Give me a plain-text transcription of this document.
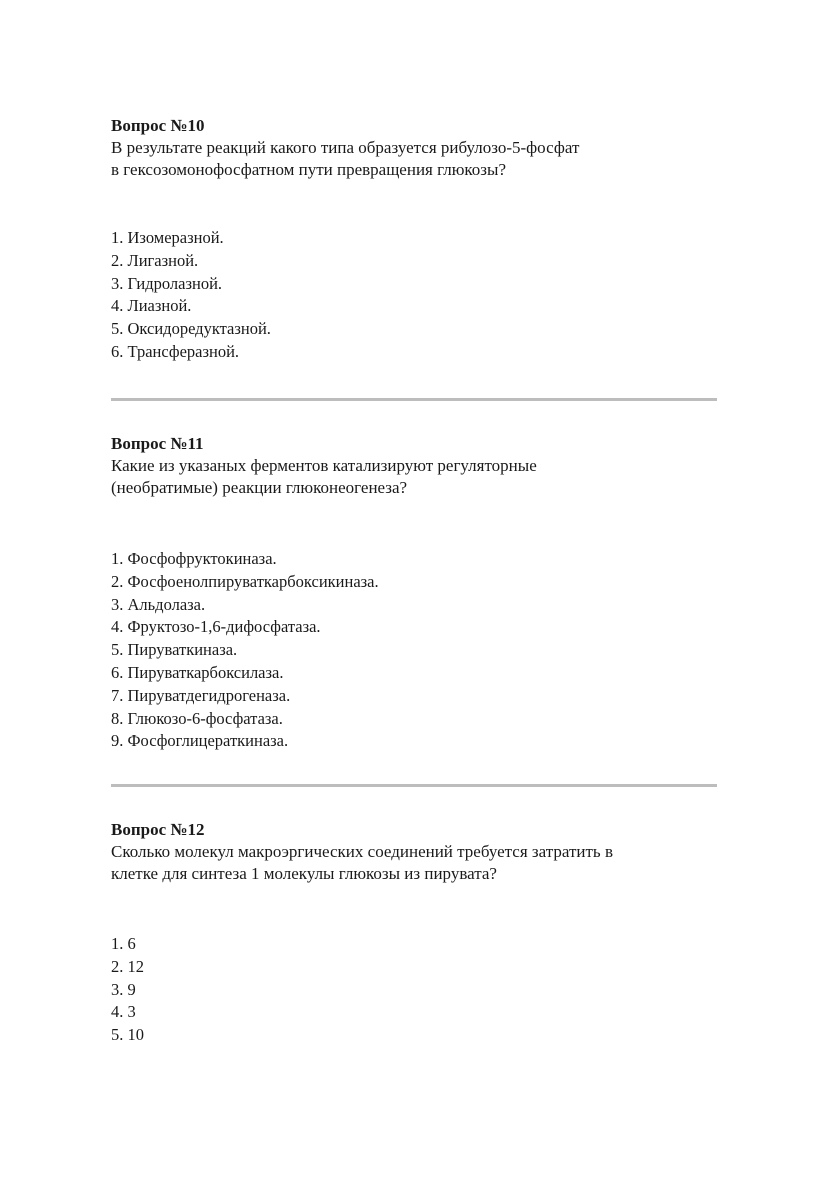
Вопрос №10

В результате реакций какого типа образуется рибулозо-5-фосфат

в гексозомонофосфатном пути превращения глюкозы?

1. Изомеразной.
2. Лигазной.
3. Гидролазной.
4. Лиазной.
5. Оксидоредуктазной.
6. Трансферазной.

Вопрос №11

Какие из указаных ферментов катализируют регуляторные

(необратимые) реакции глюконеогенеза?

1. Фосфофруктокиназа.
2. Фосфоенолпируваткарбоксикиназа.
3. Альдолаза.
4. Фруктозо-1,6-дифосфатаза.
5. Пируваткиназа.
6. Пируваткарбоксилаза.
7. Пируватдегидрогеназа.
8. Глюкозо-6-фосфатаза.
9. Фосфоглицераткиназа.

Вопрос №12

Сколько молекул макроэргических соединений требуется затратить в

клетке для синтеза 1 молекулы глюкозы из пирувата?

1. 6
2. 12
3. 9
4. 3
5. 10
